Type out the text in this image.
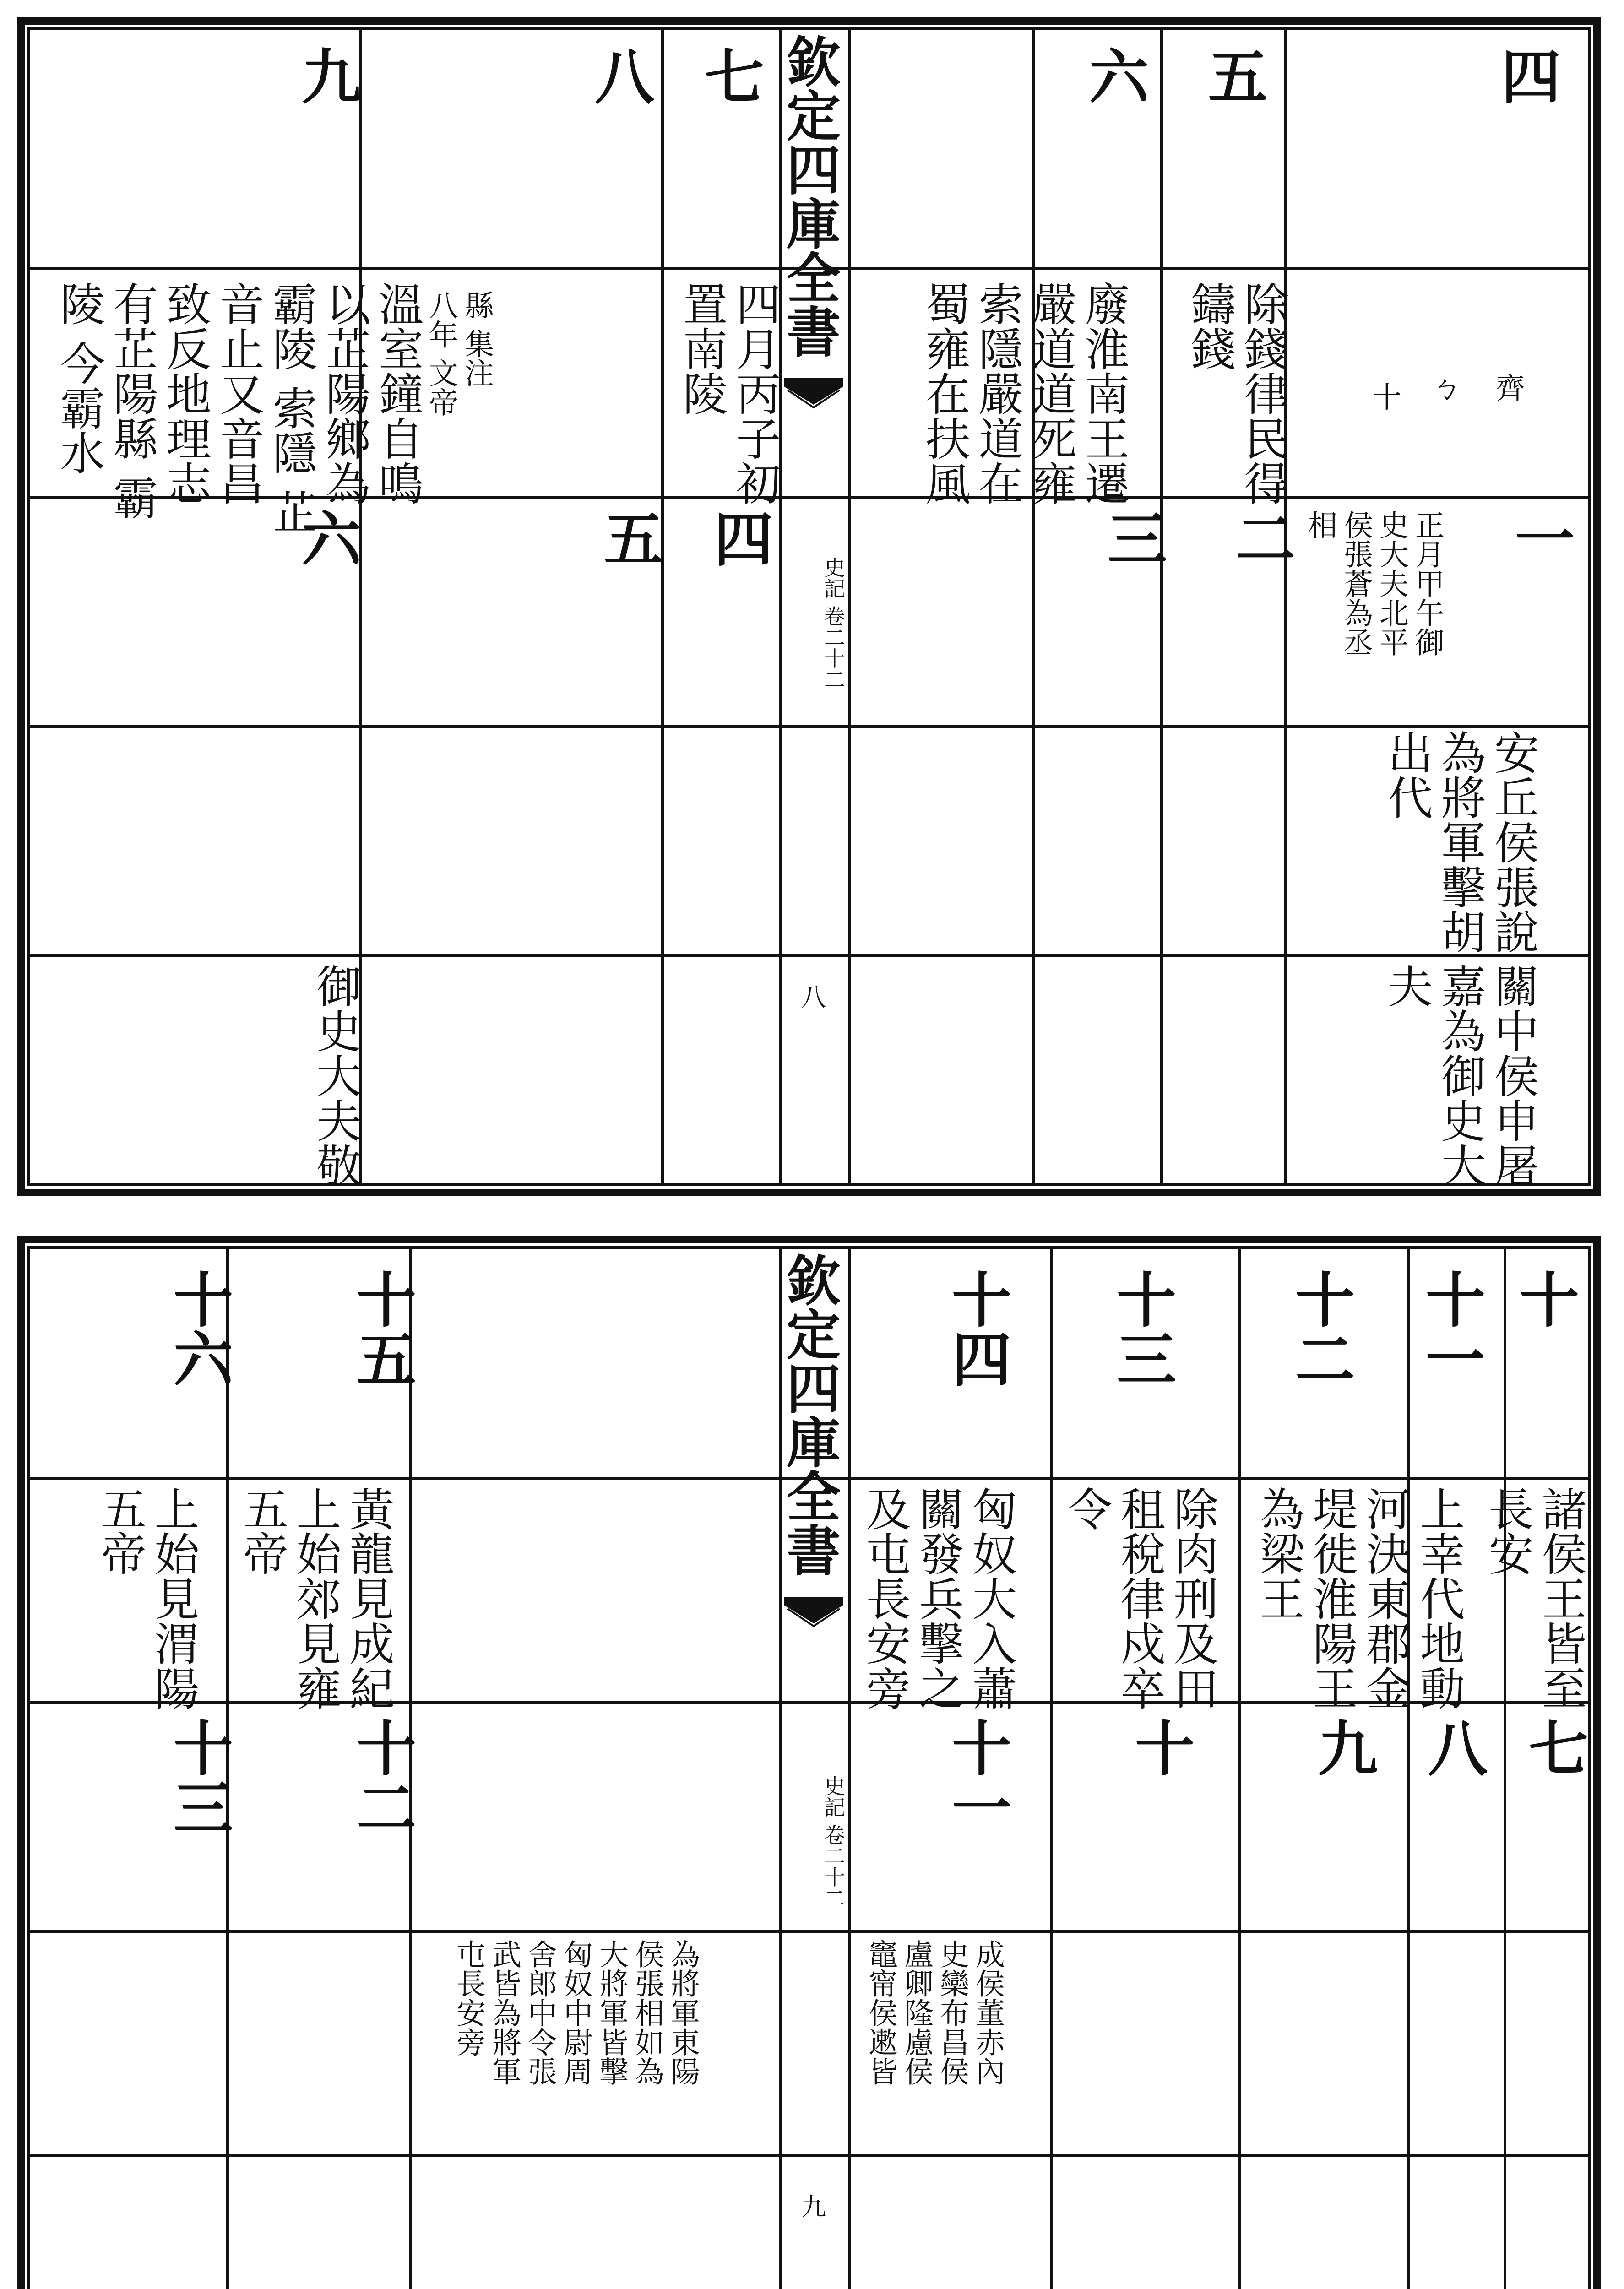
欽定四庫全書
史記 卷二十二
八
四
五
六
七
八
九
齊
ㄅ
十
除錢律民得
鑄錢
廢淮南王遷
嚴道道死雍
索隱嚴道在
蜀雍在扶風
四月丙子初
置南陵
縣 集注
八年 文帝
溫室鐘自鳴
以芷陽鄉為
霸陵 索隱 芷
音止又音昌
致反地理志
有芷陽縣 霸
陵 今霸水
一
二
三
四
五
六	正月甲午御
史大夫北平
侯張蒼為丞
相
安丘侯張說
為將軍擊胡
出代
關中侯申屠
嘉為御史大
夫
御史大夫敬
欽定四庫全書
史記 卷二十二
九
十
十一
十二
十三
十四
十五
十六
諸侯王皆至
長安
上幸代地動
河決東郡金
堤徙淮陽王
為梁王
除肉刑及田
租稅律戍卒
令
匈奴大入蕭
關發兵擊之
及屯長安旁
黃龍見成紀
上始郊見雍
五帝
上始見渭陽
五帝
七
八
九
十
十一
十二
十三
成侯董赤內
史欒布昌侯
盧卿隆慮侯
竈甯侯遬皆
為將軍東陽
侯張相如為
大將軍皆擊
匈奴中尉周
舍郎中令張
武皆為將軍
屯長安旁
